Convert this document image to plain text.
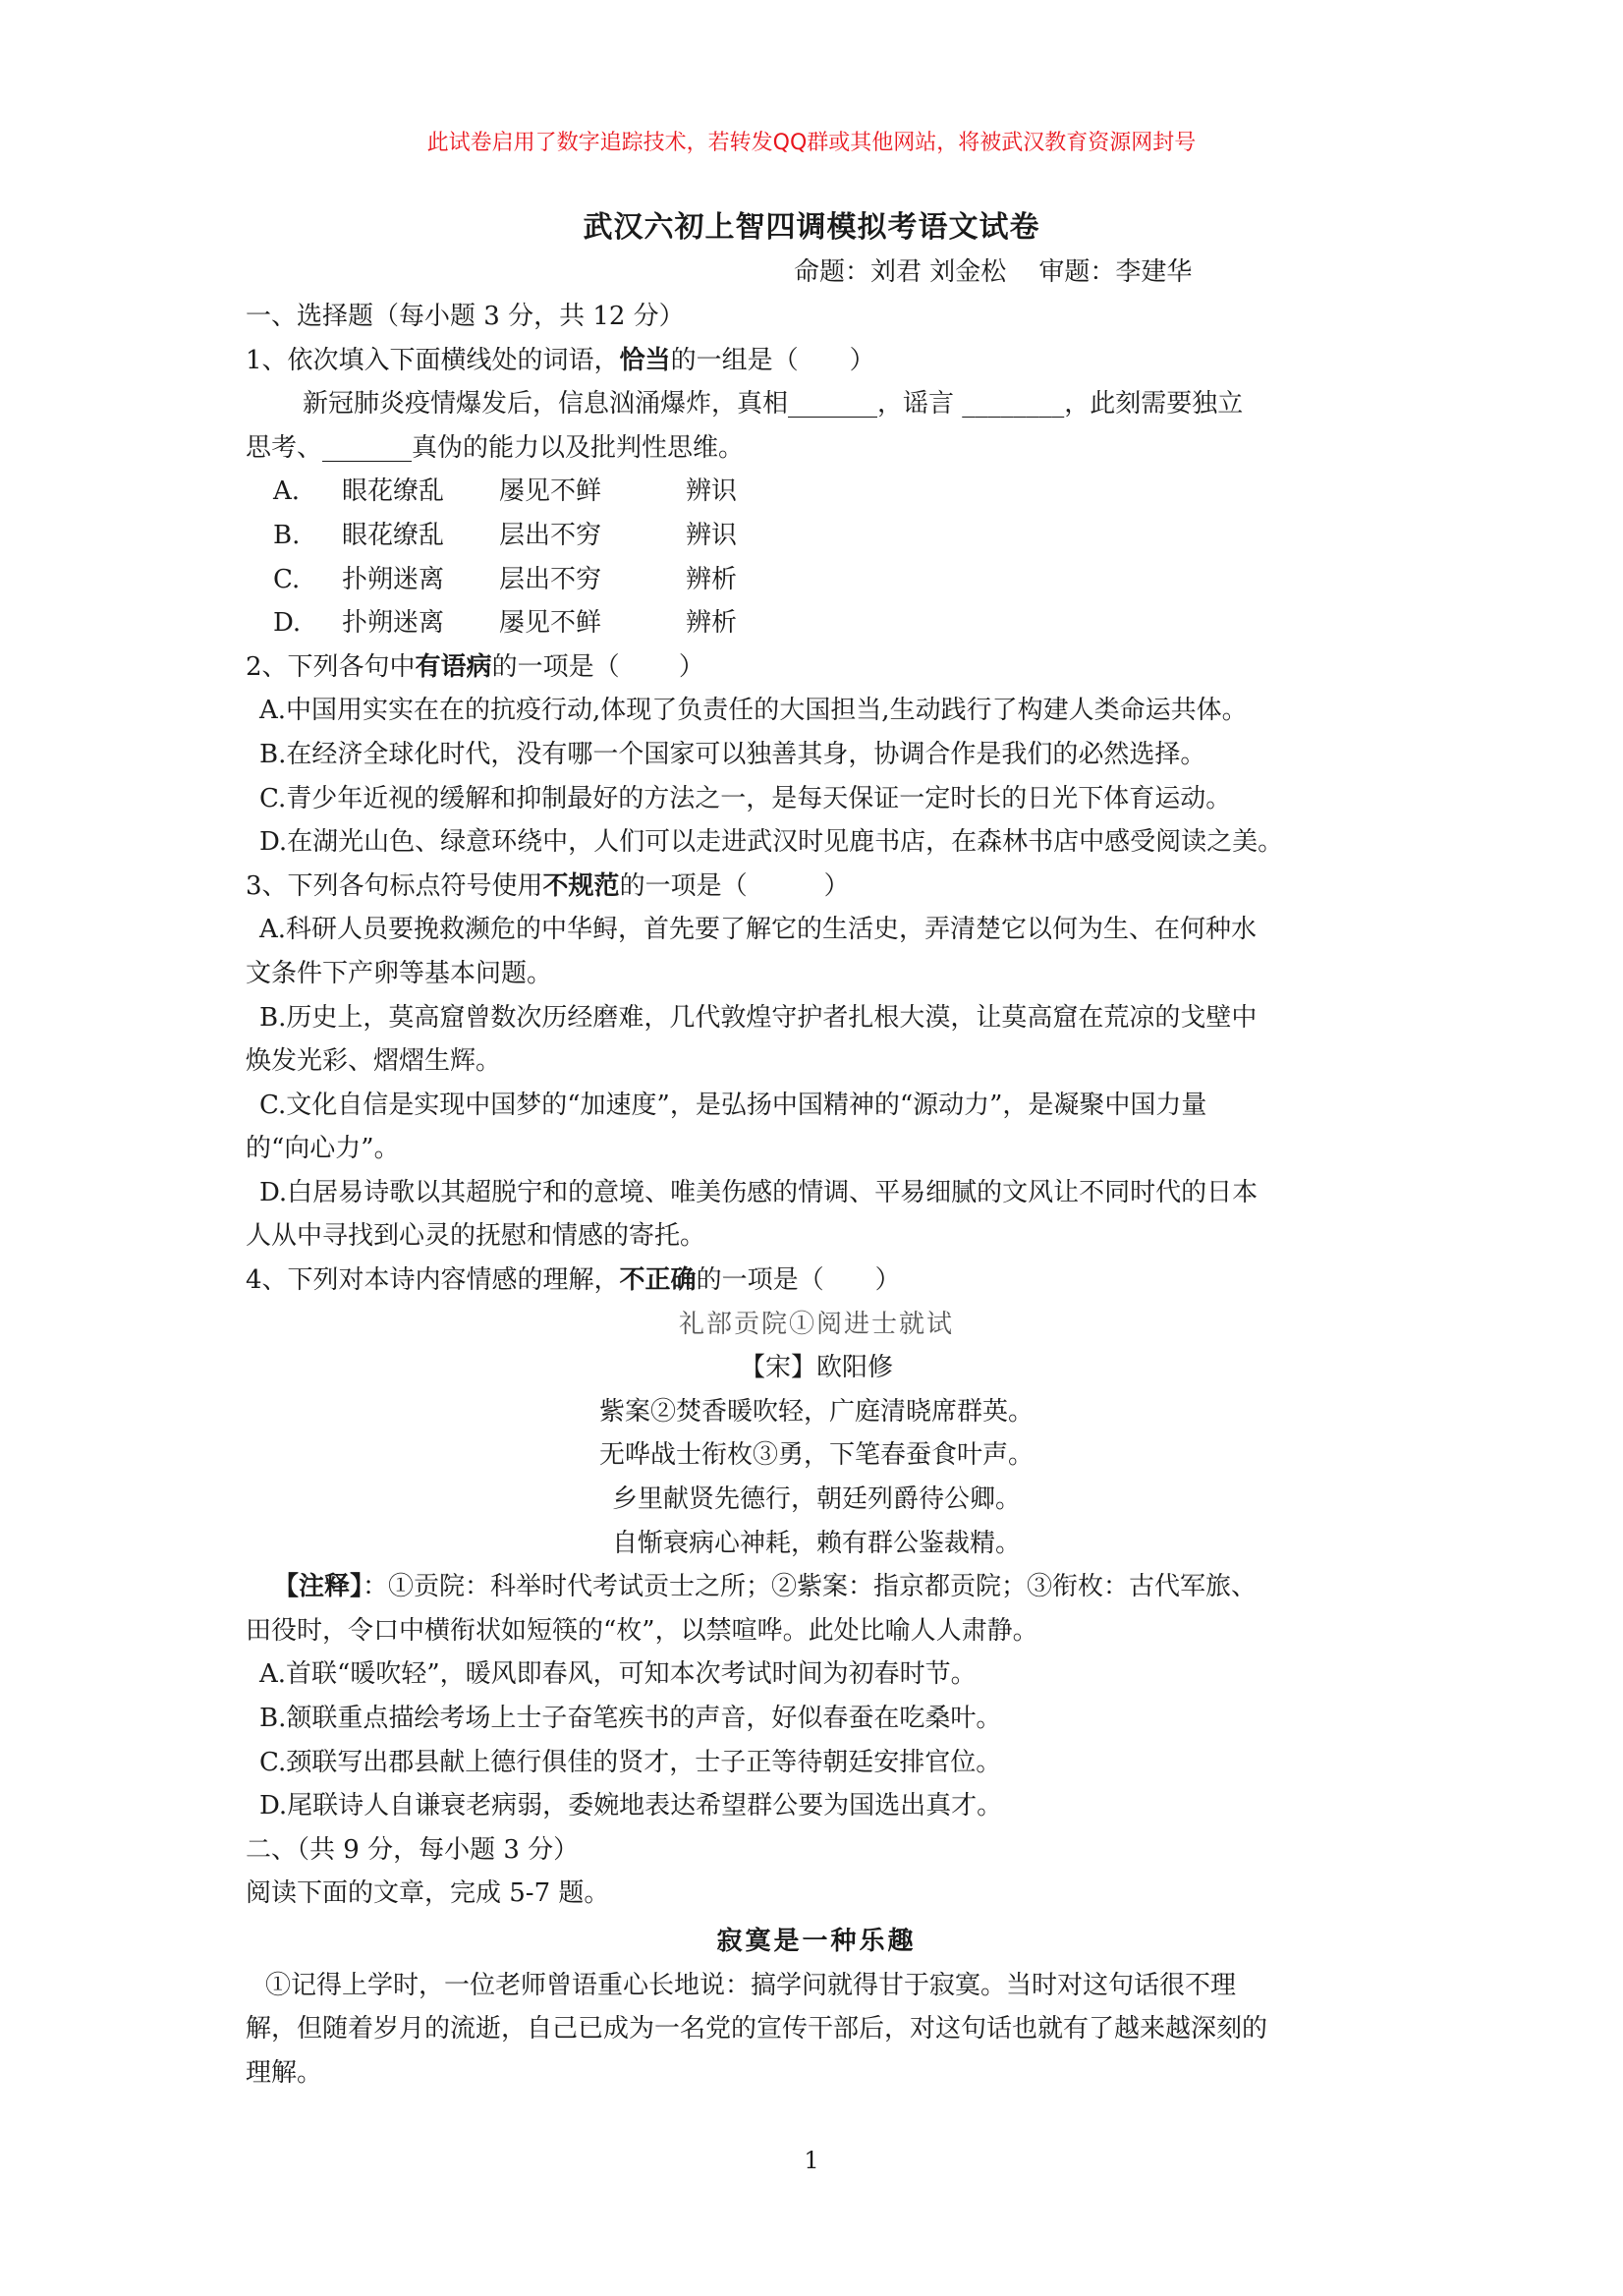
此试卷启用了数字追踪技术，若转发QQ群或其他网站，将被武汉教育资源网封号
武汉六初上智四调模拟考语文试卷
命题：刘君 刘金松    审题：李建华
一、选择题（每小题 3 分，共 12 分）
1、依次填入下面横线处的词语，恰当的一组是（　　）
新冠肺炎疫情爆发后，信息汹涌爆炸，真相_______，谣言 ________，此刻需要独立
思考、_______真伪的能力以及批判性思维。
A.	眼花缭乱	屡见不鲜	辨识
B.	眼花缭乱	层出不穷	辨识
C.	扑朔迷离	层出不穷	辨析
D.	扑朔迷离	屡见不鲜	辨析
2、下列各句中有语病的一项是（　　 ）
A.中国用实实在在的抗疫行动,体现了负责任的大国担当,生动践行了构建人类命运共体。
B.在经济全球化时代，没有哪一个国家可以独善其身，协调合作是我们的必然选择。
C.青少年近视的缓解和抑制最好的方法之一，是每天保证一定时长的日光下体育运动。
D.在湖光山色、绿意环绕中，人们可以走进武汉时见鹿书店，在森林书店中感受阅读之美。
3、下列各句标点符号使用不规范的一项是（　　　）
A.科研人员要挽救濒危的中华鲟，首先要了解它的生活史，弄清楚它以何为生、在何种水
文条件下产卵等基本问题。
B.历史上，莫高窟曾数次历经磨难，几代敦煌守护者扎根大漠，让莫高窟在荒凉的戈壁中
焕发光彩、熠熠生辉。
C.文化自信是实现中国梦的“加速度”，是弘扬中国精神的“源动力”，是凝聚中国力量
的“向心力”。
D.白居易诗歌以其超脱宁和的意境、唯美伤感的情调、平易细腻的文风让不同时代的日本
人从中寻找到心灵的抚慰和情感的寄托。
4、下列对本诗内容情感的理解，不正确的一项是（　　）
礼部贡院①阅进士就试
【宋】欧阳修
紫案②焚香暖吹轻，广庭清晓席群英。
无哗战士衔枚③勇，下笔春蚕食叶声。
乡里献贤先德行，朝廷列爵待公卿。
自惭衰病心神耗，赖有群公鉴裁精。
【注释】：①贡院：科举时代考试贡士之所；②紫案：指京都贡院；③衔枚：古代军旅、
田役时，令口中横衔状如短筷的“枚”，以禁喧哗。此处比喻人人肃静。
A.首联“暖吹轻”，暖风即春风，可知本次考试时间为初春时节。
B.颔联重点描绘考场上士子奋笔疾书的声音，好似春蚕在吃桑叶。
C.颈联写出郡县献上德行俱佳的贤才，士子正等待朝廷安排官位。
D.尾联诗人自谦衰老病弱，委婉地表达希望群公要为国选出真才。
二、（共 9 分，每小题 3 分）
阅读下面的文章，完成 5-7 题。
寂寞是一种乐趣
①记得上学时，一位老师曾语重心长地说：搞学问就得甘于寂寞。当时对这句话很不理
解，但随着岁月的流逝，自己已成为一名党的宣传干部后，对这句话也就有了越来越深刻的
理解。
1
